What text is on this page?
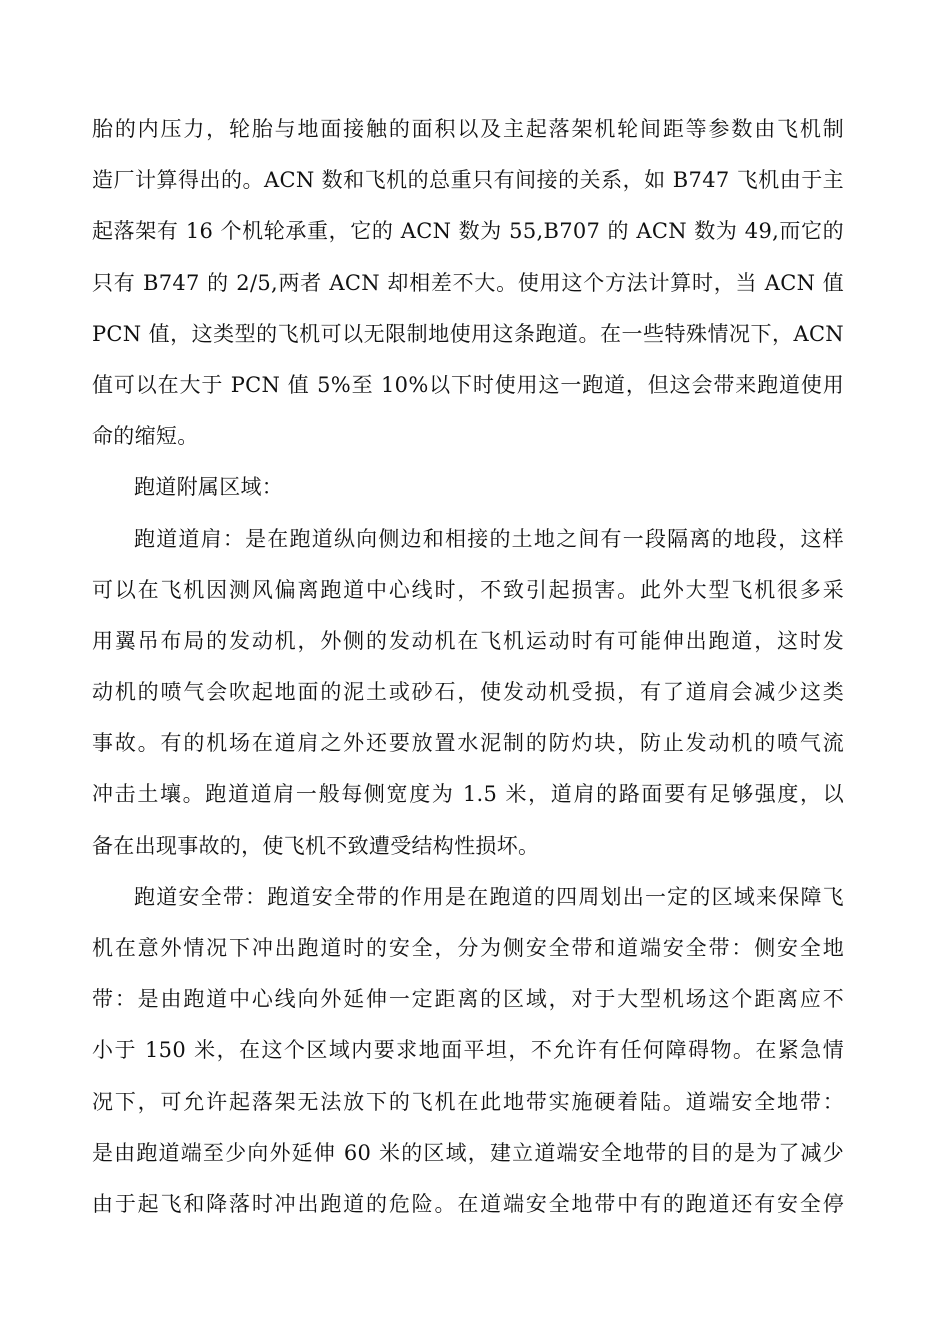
胎的内压力，轮胎与地面接触的面积以及主起落架机轮间距等参数由飞机制
造厂计算得出的。ACN 数和飞机的总重只有间接的关系，如 B747 飞机由于主
起落架有 16 个机轮承重，它的 ACN 数为 55,B707 的 ACN 数为 49,而它的
只有 B747 的 2/5,两者 ACN 却相差不大。使用这个方法计算时，当 ACN 值
PCN 值，这类型的飞机可以无限制地使用这条跑道。在一些特殊情况下，ACN
值可以在大于 PCN 值 5%至 10%以下时使用这一跑道，但这会带来跑道使用
命的缩短。
跑道附属区域：
跑道道肩：是在跑道纵向侧边和相接的土地之间有一段隔离的地段，这样
可以在飞机因测风偏离跑道中心线时，不致引起损害。此外大型飞机很多采
用翼吊布局的发动机，外侧的发动机在飞机运动时有可能伸出跑道，这时发
动机的喷气会吹起地面的泥土或砂石，使发动机受损，有了道肩会减少这类
事故。有的机场在道肩之外还要放置水泥制的防灼块，防止发动机的喷气流
冲击土壤。跑道道肩一般每侧宽度为 1.5 米，道肩的路面要有足够强度，以
备在出现事故的，使飞机不致遭受结构性损坏。
跑道安全带：跑道安全带的作用是在跑道的四周划出一定的区域来保障飞
机在意外情况下冲出跑道时的安全，分为侧安全带和道端安全带：侧安全地
带：是由跑道中心线向外延伸一定距离的区域，对于大型机场这个距离应不
小于 150 米，在这个区域内要求地面平坦，不允许有任何障碍物。在紧急情
况下，可允许起落架无法放下的飞机在此地带实施硬着陆。道端安全地带：
是由跑道端至少向外延伸 60 米的区域，建立道端安全地带的目的是为了减少
由于起飞和降落时冲出跑道的危险。在道端安全地带中有的跑道还有安全停
